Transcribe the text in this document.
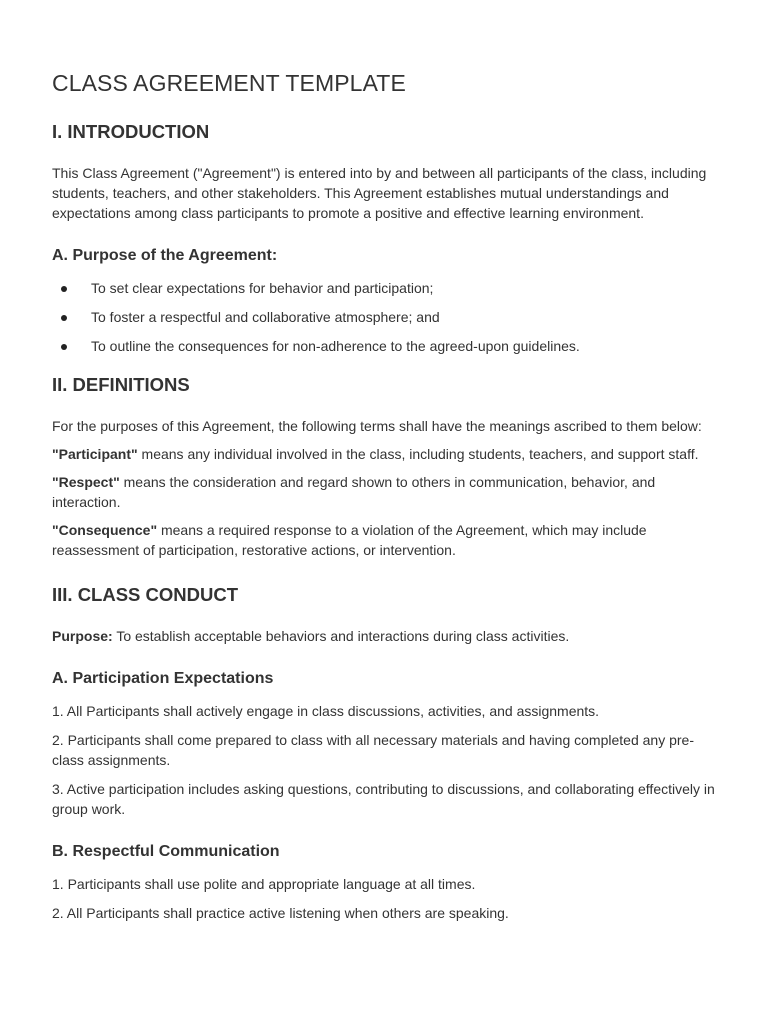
CLASS AGREEMENT TEMPLATE
I. INTRODUCTION

This Class Agreement ("Agreement") is entered into by and between all participants of the class, including students, teachers, and other stakeholders. This Agreement establishes mutual understandings and expectations among class participants to promote a positive and effective learning environment.

A. Purpose of the Agreement:
To set clear expectations for behavior and participation;
To foster a respectful and collaborative atmosphere; and
To outline the consequences for non-adherence to the agreed-upon guidelines.
II. DEFINITIONS

For the purposes of this Agreement, the following terms shall have the meanings ascribed to them below:

"Participant" means any individual involved in the class, including students, teachers, and support staff.

"Respect" means the consideration and regard shown to others in communication, behavior, and interaction.

"Consequence" means a required response to a violation of the Agreement, which may include reassessment of participation, restorative actions, or intervention.

III. CLASS CONDUCT

Purpose: To establish acceptable behaviors and interactions during class activities.

A. Participation Expectations

1. All Participants shall actively engage in class discussions, activities, and assignments.

2. Participants shall come prepared to class with all necessary materials and having completed any pre-class assignments.

3. Active participation includes asking questions, contributing to discussions, and collaborating effectively in group work.

B. Respectful Communication

1. Participants shall use polite and appropriate language at all times.

2. All Participants shall practice active listening when others are speaking.
